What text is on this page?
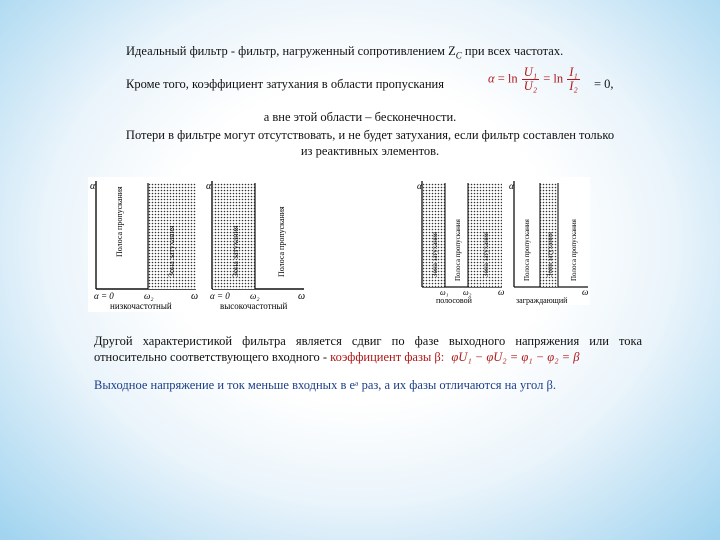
Идеальный фильтр - фильтр, нагруженный сопротивлением $Z_C$ при всех частотах.
Кроме того, коэффициент затухания в области пропускания	$\alpha = \ln \frac{\text{U₁}}{\text{U₂}} = \ln \frac{\text{I₁}}{\text{I₂}} = 0$,
а вне этой области – бесконечности.
Потери в фильтре могут отсутствовать, и не будет затухания, если фильтр составлен только
из реактивных элементов.
α
ω
Полоса пропускания	Зона затухания
α = 0	ω₂
низкочастотный
α
ω
Зона затухания	Полоса пропускания
α = 0 ω₂
высокочастотный
α
ω
Зона затухания Полоса пропускания	Зона затухания
ω₁ ω₂
полосовой
α
ω
Полоса пропускания Зона затухания Полоса пропускания
заграждающий
Другой характеристикой фильтра является сдвиг по фазе выходного напряжения или тока относительно соответствующего входного - коэффициент фазы β: φU₁ − φU₂ = φ₁ − φ₂ = β
Выходное напряжение и ток меньше входных в eᵃ раз, а их фазы отличаются на угол β.
